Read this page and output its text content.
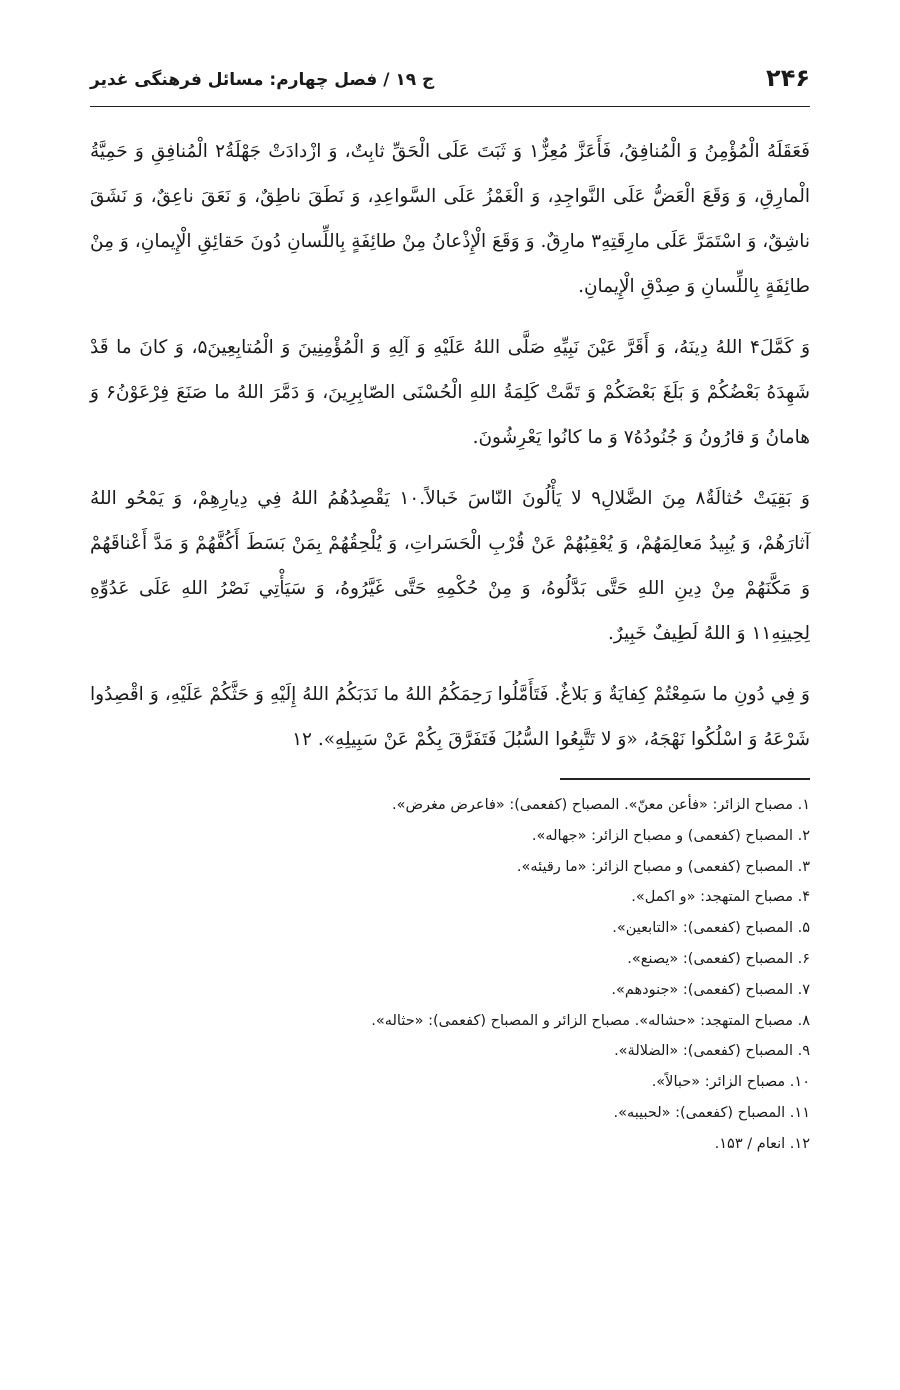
۲۴۶
ج ۱۹ / فصل چهارم: مسائل فرهنگی غدیر

فَعَقَلَهُ الْمُؤْمِنُ وَ الْمُنافِقُ، فَأَعَزَّ مُعِزٌّ۱ وَ ثَبَتَ عَلَى الْحَقِّ ثابِتٌ، وَ ازْدادَتْ جَهْلَةُ۲ الْمُنافِقِ وَ حَمِيَّةُ الْمارِقِ، وَ وَقَعَ الْعَضُّ عَلَى النَّواجِدِ، وَ الْغَمْزُ عَلَى السَّواعِدِ، وَ نَطَقَ ناطِقٌ، وَ نَعَقَ ناعِقٌ، وَ نَشَقَ ناشِقٌ، وَ اسْتَمَرَّ عَلَى مارِقَتِهِ۳ مارِقٌ. وَ وَقَعَ الْإِذْعانُ مِنْ طائِفَةٍ بِاللِّسانِ دُونَ حَقائِقِ الْإِيمانِ، وَ مِنْ طائِفَةٍ بِاللِّسانِ وَ صِدْقِ الْإِيمانِ.

وَ كَمَّلَ۴ اللهُ دِينَهُ، وَ أَقَرَّ عَيْنَ نَبِيِّهِ صَلَّى اللهُ عَلَيْهِ وَ آلِهِ وَ الْمُؤْمِنِينَ وَ الْمُتابِعِينَ۵، وَ كانَ ما قَدْ شَهِدَهُ بَعْضُكُمْ وَ بَلَغَ بَعْضَكُمْ وَ تَمَّتْ كَلِمَةُ اللهِ الْحُسْنَى الصّابِرِينَ، وَ دَمَّرَ اللهُ ما صَنَعَ فِرْعَوْنُ۶ وَ هامانُ وَ قارُونُ وَ جُنُودُهُ۷ وَ ما كانُوا يَعْرِشُونَ.

وَ بَقِيَتْ حُثالَةٌ۸ مِنَ الضَّلالِ۹ لا يَأْلُونَ النّاسَ خَبالاً.۱۰ يَقْصِدُهُمُ اللهُ فِي دِيارِهِمْ، وَ يَمْحُو اللهُ آثارَهُمْ، وَ يُبِيدُ مَعالِمَهُمْ، وَ يُعْقِبُهُمْ عَنْ قُرْبِ الْحَسَراتِ، وَ يُلْحِقُهُمْ بِمَنْ بَسَطَ أَكُفَّهُمْ وَ مَدَّ أَعْناقَهُمْ وَ مَكَّنَهُمْ مِنْ دِينِ اللهِ حَتَّى بَدَّلُوهُ، وَ مِنْ حُكْمِهِ حَتَّى غَيَّرُوهُ، وَ سَيَأْتِي نَصْرُ اللهِ عَلَى عَدُوِّهِ لِحِينِهِ۱۱ وَ اللهُ لَطِيفٌ خَبِيرٌ.

وَ فِي دُونِ ما سَمِعْتُمْ كِفايَةٌ وَ بَلاغٌ. فَتَأَمَّلُوا رَحِمَكُمُ اللهُ ما نَدَبَكُمُ اللهُ إِلَيْهِ وَ حَثَّكُمْ عَلَيْهِ، وَ اقْصِدُوا شَرْعَهُ وَ اسْلُكُوا نَهْجَهُ، «وَ لا تَتَّبِعُوا السُّبُلَ فَتَفَرَّقَ بِكُمْ عَنْ سَبِيلِهِ». ۱۲

۱. مصباح الزائر: «فأعن معنّ». المصباح (كفعمى): «فاعرض مغرض».
۲. المصباح (كفعمى) و مصباح الزائر: «جهاله».
۳. المصباح (كفعمى) و مصباح الزائر: «ما رقيئه».
۴. مصباح المتهجد: «و اكمل».
۵. المصباح (كفعمى): «التابعين».
۶. المصباح (كفعمى): «يصنع».
۷. المصباح (كفعمى): «جنودهم».
۸. مصباح المتهجد: «حشاله». مصباح الزائر و المصباح (كفعمى): «حثاله».
۹. المصباح (كفعمى): «الضلالة».
۱۰. مصباح الزائر: «حبالاً».
۱۱. المصباح (كفعمى): «لحبيبه».
۱۲. انعام / ۱۵۳.
